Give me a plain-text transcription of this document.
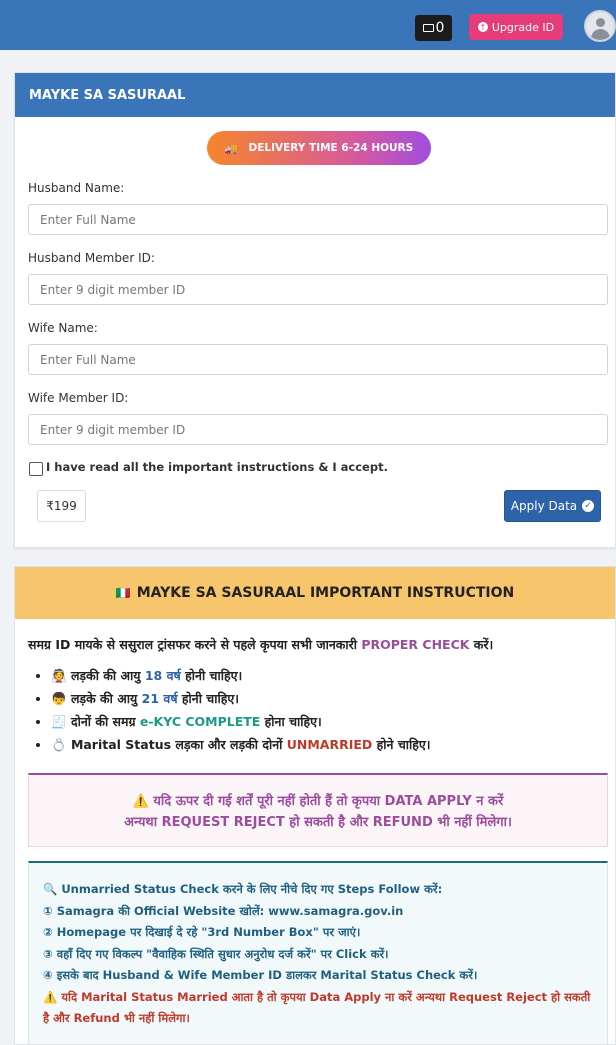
0	↑ Upgrade ID
MAYKE SA SASURAAL
🚚 DELIVERY TIME 6-24 HOURS
Husband Name:
Enter Full Name
Husband Member ID:
Enter 9 digit member ID
Wife Name:
Enter Full Name
Wife Member ID:
Enter 9 digit member ID
I have read all the important instructions & I accept.
₹199	Apply Data ✓
🇮🇹 MAYKE SA SASURAAL IMPORTANT INSTRUCTION
समग्र ID मायके से ससुराल ट्रांसफर करने से पहले कृपया सभी जानकारी PROPER CHECK करें।
• 👰 लड़की की आयु 18 वर्ष होनी चाहिए।
• 👦 लड़के की आयु 21 वर्ष होनी चाहिए।
• 🧾 दोनों की समग्र e-KYC COMPLETE होना चाहिए।
• 💍 Marital Status लड़का और लड़की दोनों UNMARRIED होने चाहिए।
⚠️ यदि ऊपर दी गई शर्तें पूरी नहीं होती हैं तो कृपया DATA APPLY न करें
अन्यथा REQUEST REJECT हो सकती है और REFUND भी नहीं मिलेगा।
🔍 Unmarried Status Check करने के लिए नीचे दिए गए Steps Follow करें:
① Samagra की Official Website खोलें: www.samagra.gov.in
② Homepage पर दिखाई दे रहे "3rd Number Box" पर जाएं।
③ वहाँ दिए गए विकल्प "वैवाहिक स्थिति सुधार अनुरोध दर्ज करें" पर Click करें।
④ इसके बाद Husband & Wife Member ID डालकर Marital Status Check करें।
⚠️ यदि Marital Status Married आता है तो कृपया Data Apply ना करें अन्यथा Request Reject हो सकती है और Refund भी नहीं मिलेगा।
